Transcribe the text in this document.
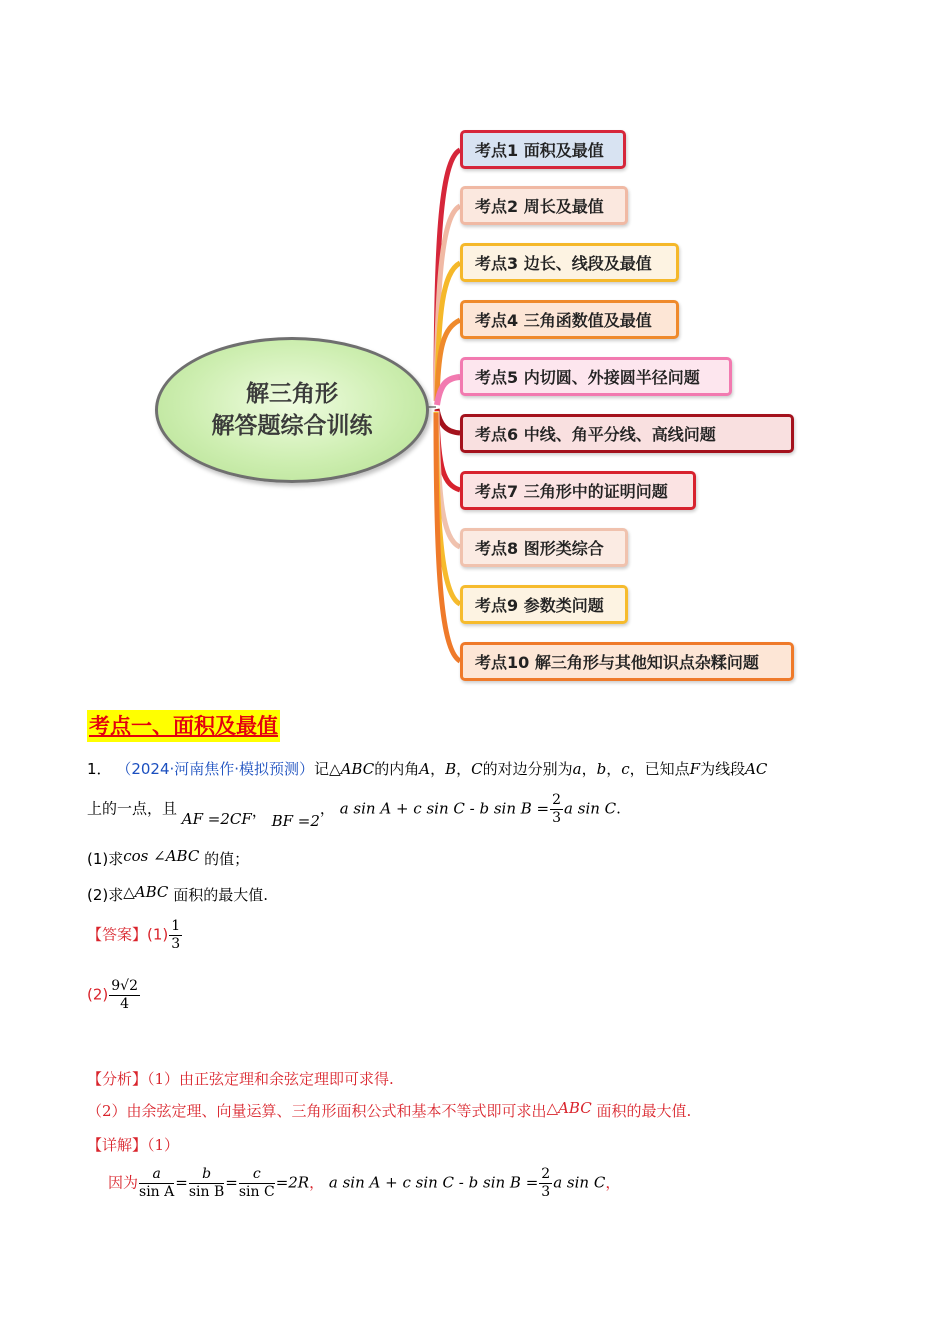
解三角形
解答题综合训练
考点1 面积及最值
考点2 周长及最值
考点3 边长、线段及最值
考点4 三角函数值及最值
考点5 内切圆、外接圆半径问题
考点6 中线、角平分线、高线问题
考点7 三角形中的证明问题
考点8 图形类综合
考点9 参数类问题
考点10 解三角形与其他知识点杂糅问题
考点一、面积及最值
1． （2024·河南焦作·模拟预测）记△ABC的内角A，B，C的对边分别为a，b，c，已知点F为线段AC
上的一点，且 AF =2CF， BF =2， a sin A + c sin C - b $\sin B = \frac{2}{3}$ a sin C.
(1)求cos ∠ABC 的值；
(2)求△ABC 面积的最大值.
【答案】$(1) \frac{1}{3}$
$(2) \frac{9√2}{4}$
【分析】（1）由正弦定理和余弦定理即可求得.
（2）由余弦定理、向量运算、三角形面积公式和基本不等式即可求出△ABC 面积的最大值.
【详解】（1）
因为 $\frac{a}{\text{sin A}} = \frac{b}{\text{sin B}} = \frac{c}{\text{sin C}} =2R$， a sin A + c sin C - b $\sin B = \frac{2}{3}$ a sin C，
